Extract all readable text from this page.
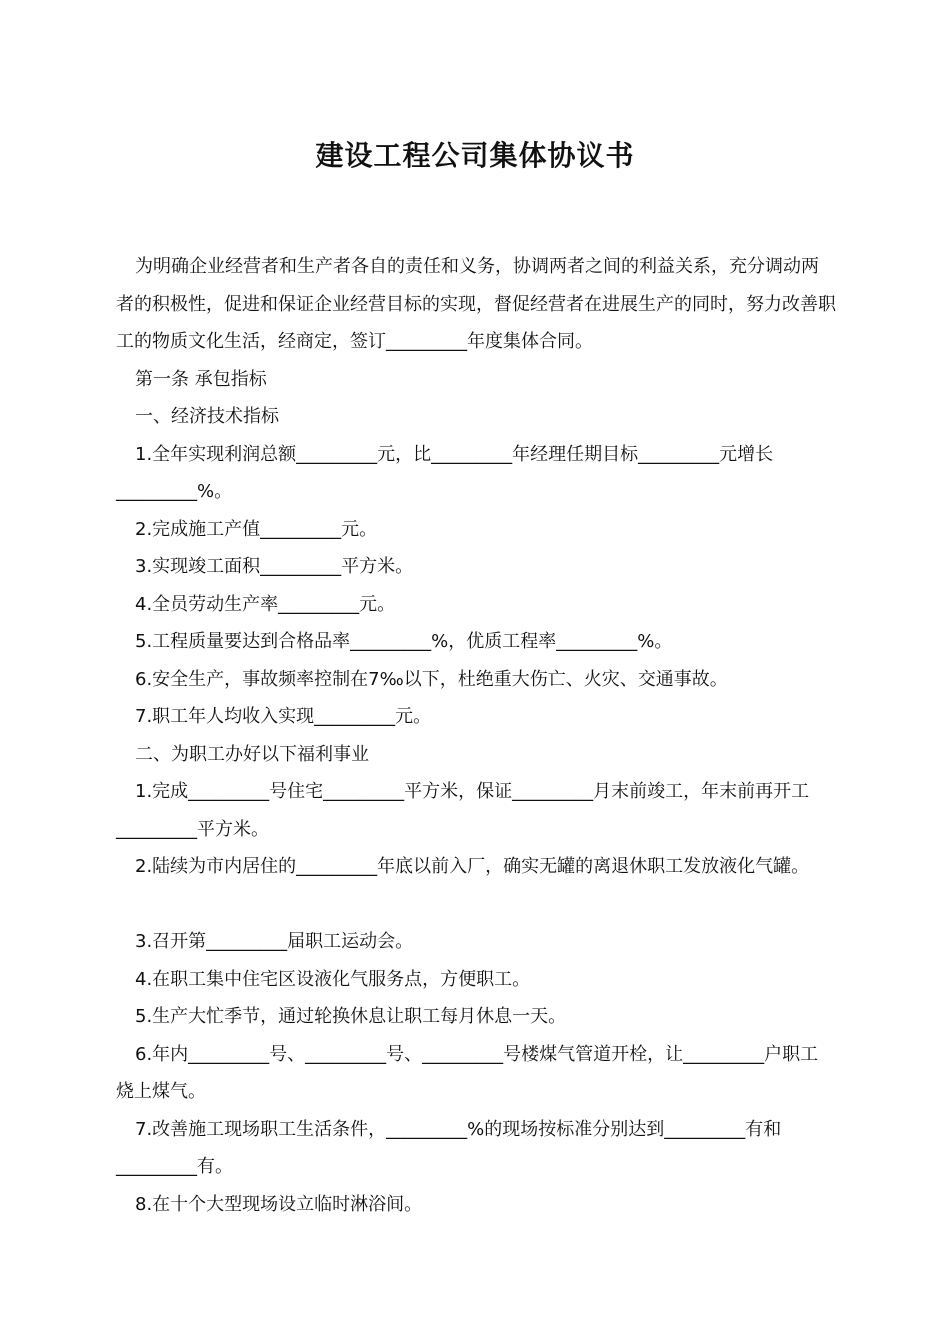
建设工程公司集体协议书

为明确企业经营者和生产者各自的责任和义务，协调两者之间的利益关系，充分调动两者的积极性，促进和保证企业经营目标的实现，督促经营者在进展生产的同时，努力改善职工的物质文化生活，经商定，签订_________年度集体合同。

第一条 承包指标

一、经济技术指标

1.全年实现利润总额_________元，比_________年经理任期目标_________元增长_________%。

2.完成施工产值_________元。

3.实现竣工面积_________平方米。

4.全员劳动生产率_________元。

5.工程质量要达到合格品率_________%，优质工程率_________%。

6.安全生产，事故频率控制在7‰以下，杜绝重大伤亡、火灾、交通事故。

7.职工年人均收入实现_________元。

二、为职工办好以下福利事业

1.完成_________号住宅_________平方米，保证_________月末前竣工，年末前再开工_________平方米。

2.陆续为市内居住的_________年底以前入厂，确实无罐的离退休职工发放液化气罐。

3.召开第_________届职工运动会。

4.在职工集中住宅区设液化气服务点，方便职工。

5.生产大忙季节，通过轮换休息让职工每月休息一天。

6.年内_________号、_________号、_________号楼煤气管道开栓，让_________户职工烧上煤气。

7.改善施工现场职工生活条件，_________%的现场按标准分别达到_________有和_________有。

8.在十个大型现场设立临时淋浴间。
